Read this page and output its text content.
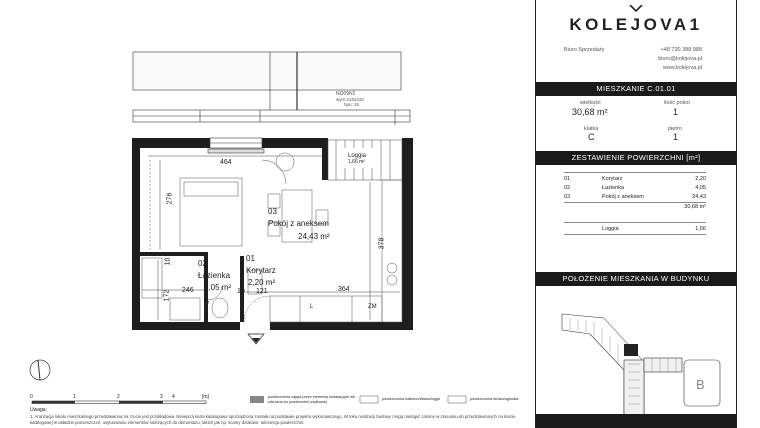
NO09N2
wym.215x220
hpn: 15
464
276
378
364
246
172
10
10 121
03
Pokój z aneksem
24,43 m²
02
Łazienka
4,05 m²
01
Korytarz
2,20 m²
Loggia
1,66 m²
L	ZM
P
0	1	2	3 4	[m]	powierzchnia zajęta przez elementy instalacyjne nie wliczana do powierzchni użytkowej
powierzchnia balkonu/tarasu/loggii	powierzchnia tarasu/ogródka
Uwaga:
1. Aranżacja lokalu mieszkalnego przedstawiona na rzucie jest przykładowa. Niniejsza karta katalogowa sporządzona została na podstawie projektu wykonawczego. W toku realizacji budowy mogą nastąpić zmiany w stosunku do przedstawionych na karcie katalogowej w układzie pomieszczeń, usytuowaniu elementów należących do demontażu, takich jak np. ściany działowe, tolerancja powierzchni.
KOLEJOVA1
Biuro Sprzedaży	+48 730 388 988
biuro@kolejova.pl
www.kolejova.pl
MIESZKANIE C.01.01
wielkość
30,68 m²
ilość pokoi
1
klatka
C
piętro
1
ZESTAWIENIE POWIERZCHNI [m²]
01	Korytarz	2,20
02	Łazienka	4,05
03	Pokój z aneksem	24,43
30,68 m²
Loggia	1,66
POŁOŻENIE MIESZKANIA W BUDYNKU
B
